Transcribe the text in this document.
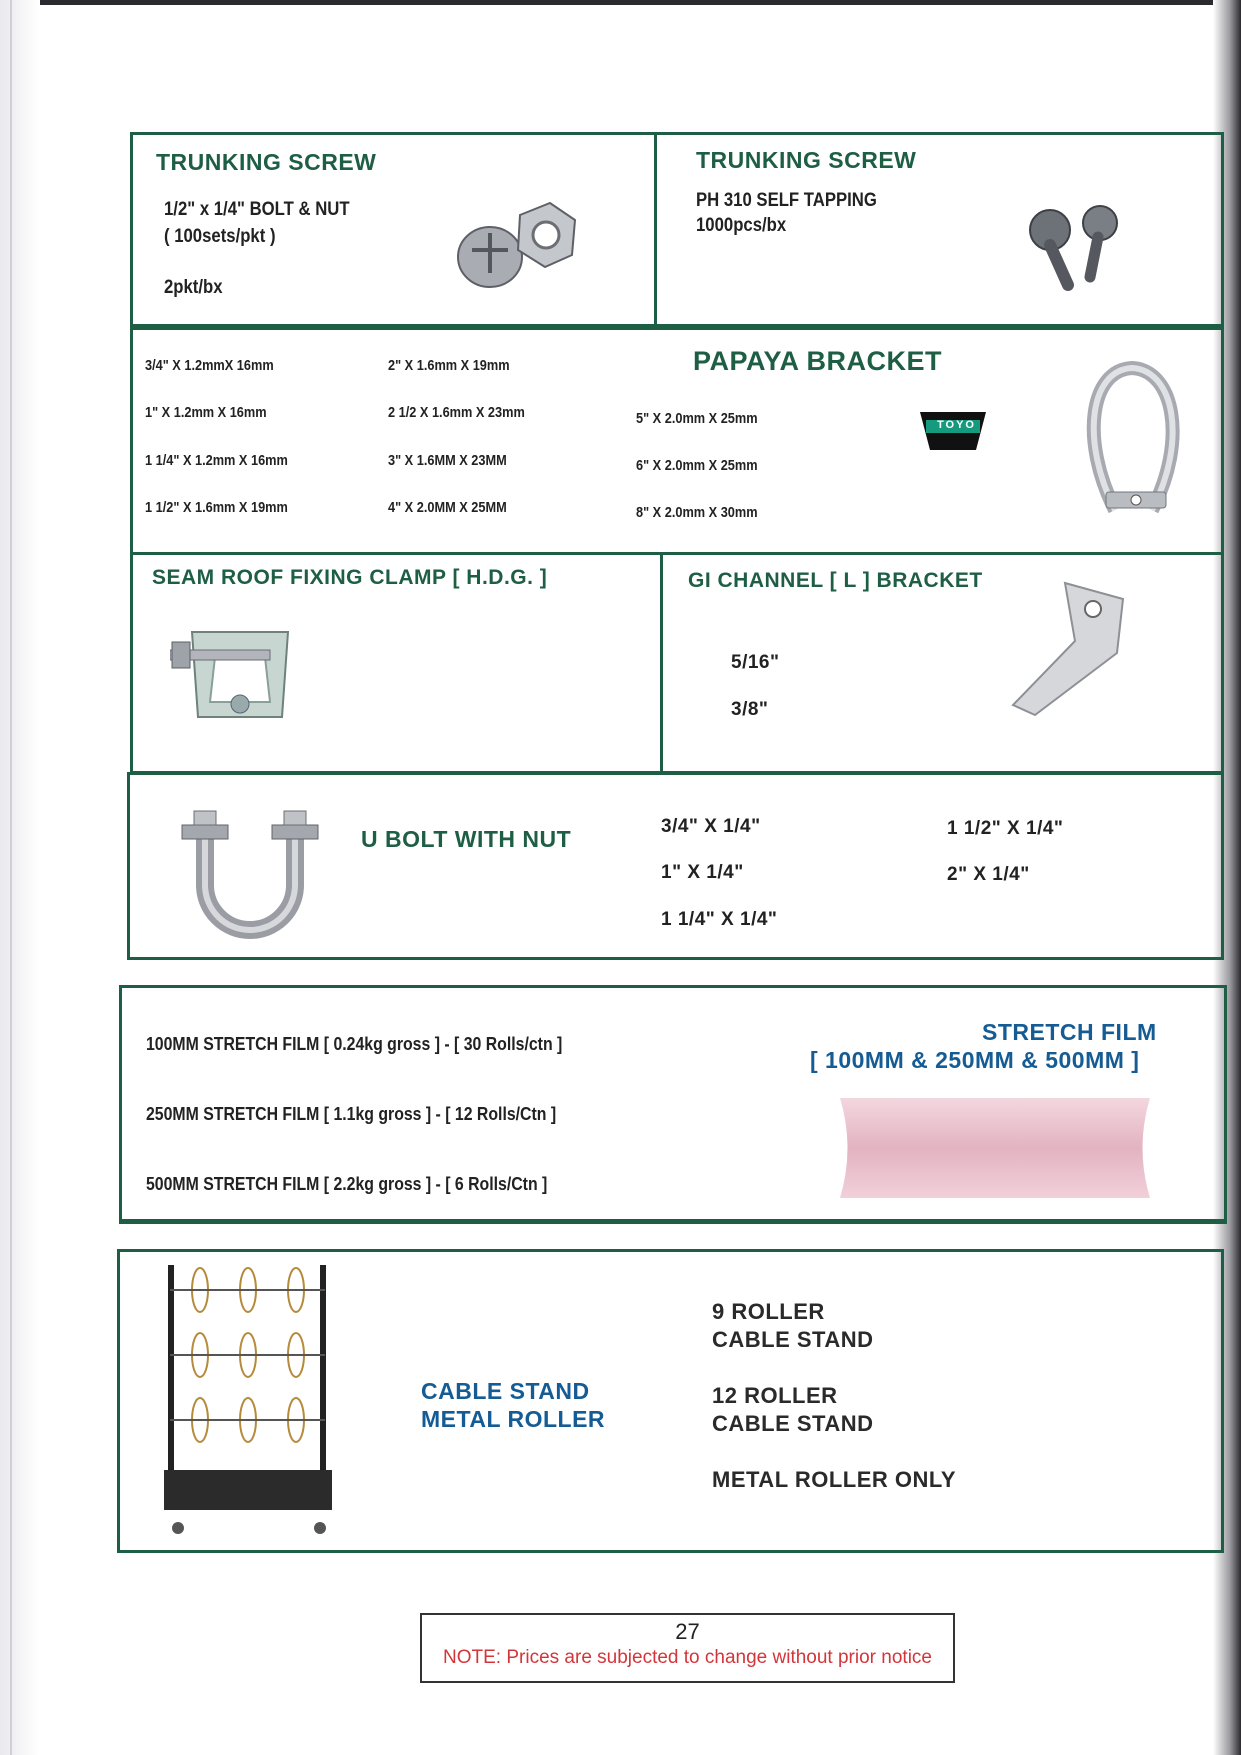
TRUNKING SCREW
1/2" x 1/4" BOLT & NUT
( 100sets/pkt )
2pkt/bx
TRUNKING SCREW
PH 310 SELF TAPPING
1000pcs/bx
3/4" X 1.2mmX 16mm
1" X 1.2mm X 16mm
1 1/4" X 1.2mm X 16mm
1 1/2" X 1.6mm X 19mm
2" X 1.6mm X 19mm
2 1/2 X 1.6mm X 23mm
3" X 1.6MM X 23MM
4" X 2.0MM X 25MM
PAPAYA BRACKET
5" X 2.0mm X 25mm
6" X 2.0mm X 25mm
8" X 2.0mm X 30mm
TOYO
SEAM ROOF FIXING CLAMP [ H.D.G. ]	GI CHANNEL [ L ] BRACKET
5/16"
3/8"
U BOLT WITH NUT	3/4" X 1/4"
1" X 1/4"
1 1/4" X 1/4"
1 1/2" X 1/4"
2" X 1/4"
100MM STRETCH FILM [ 0.24kg gross ] - [ 30 Rolls/ctn ]
250MM STRETCH FILM [ 1.1kg gross ] - [ 12 Rolls/Ctn ]
500MM STRETCH FILM [ 2.2kg gross ] - [ 6 Rolls/Ctn ]
STRETCH FILM
[ 100MM & 250MM & 500MM ]
CABLE STAND
METAL ROLLER
9 ROLLER
CABLE STAND
12 ROLLER
CABLE STAND
METAL ROLLER ONLY
27
NOTE: Prices are subjected to change without prior notice
